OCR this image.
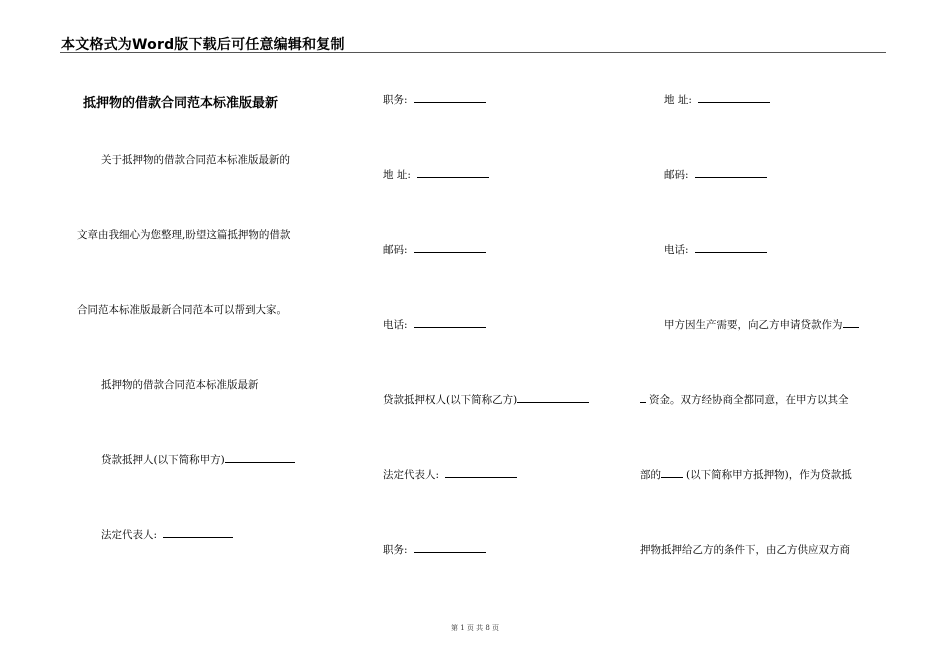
本文格式为Word版下载后可任意编辑和复制
抵押物的借款合同范本标准版最新
关于抵押物的借款合同范本标准版最新的
文章由我细心为您整理,盼望这篇抵押物的借款
合同范本标准版最新合同范本可以帮到大家。
抵押物的借款合同范本标准版最新
贷款抵押人(以下简称甲方)
法定代表人:
职务:
地 址:
邮码:
电话:
贷款抵押权人(以下简称乙方)
法定代表人:
职务:
地 址:
邮码:
电话:
甲方因生产需要，向乙方申请贷款作为
资金。双方经协商全都同意，在甲方以其全
部的 (以下简称甲方抵押物)，作为贷款抵
押物抵押给乙方的条件下，由乙方供应双方商
第 1 页 共 8 页
